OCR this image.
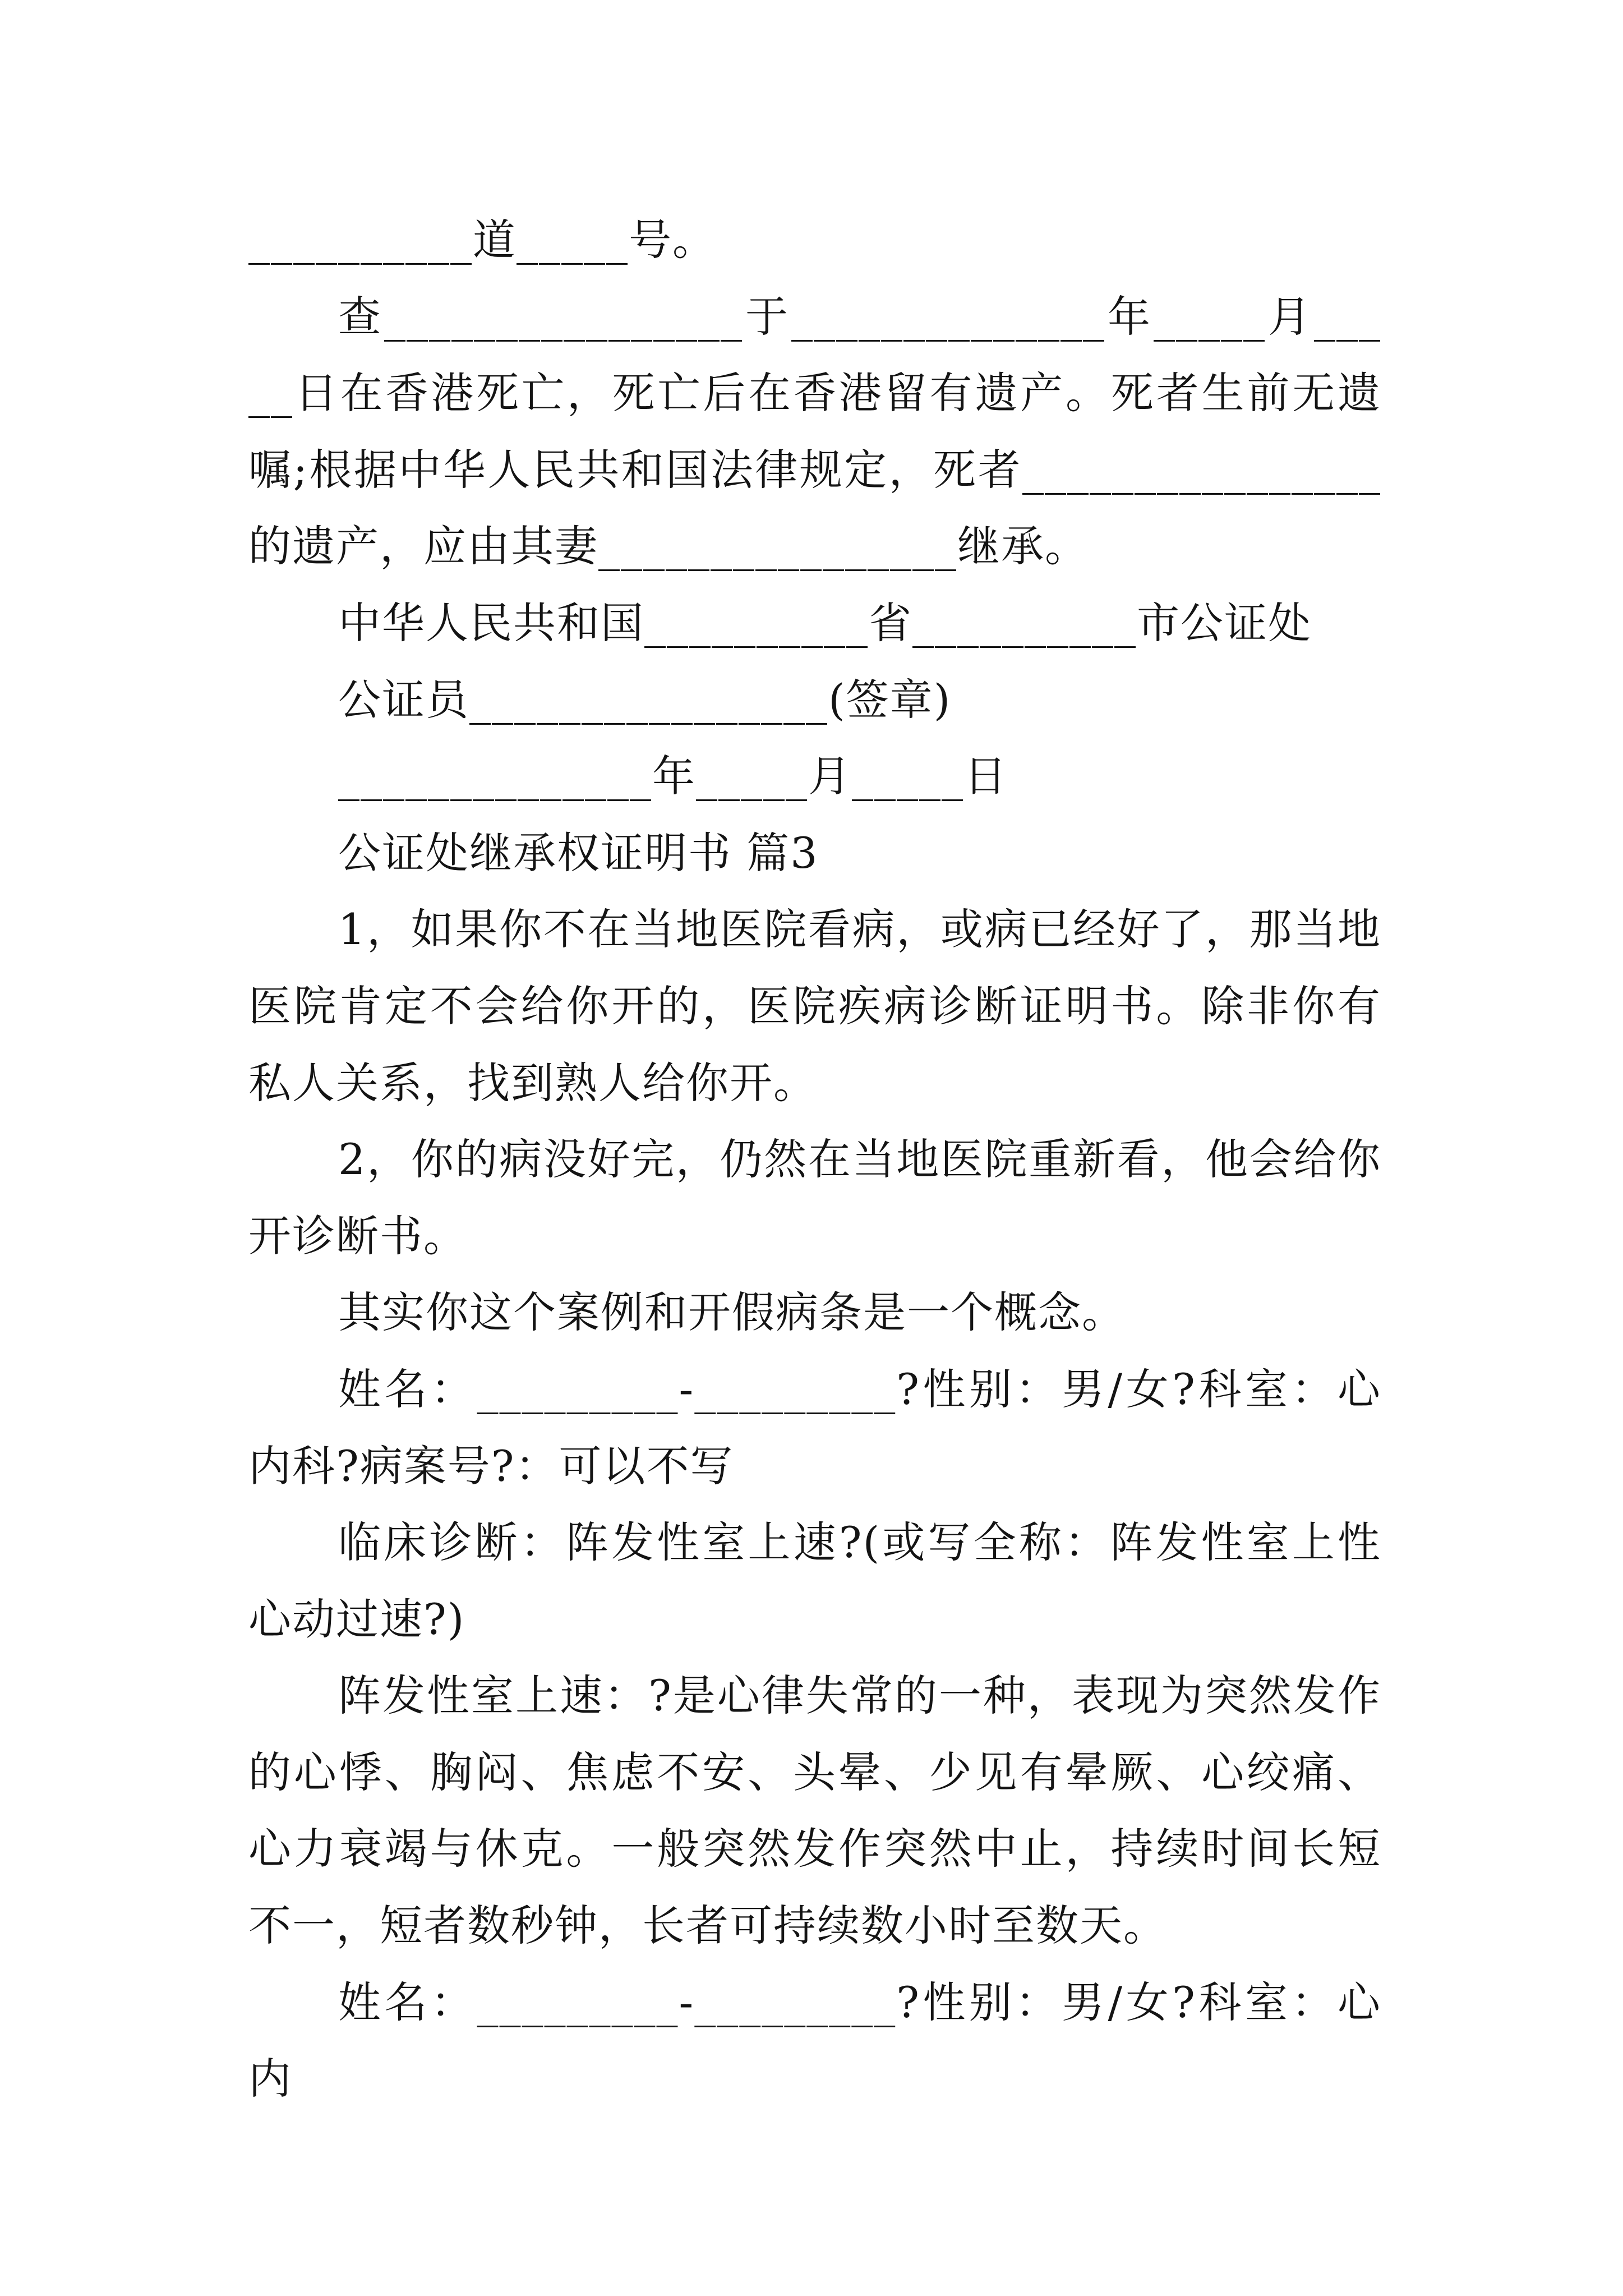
__________道_____号。

查________________于______________年_____月_____日在香港死亡，死亡后在香港留有遗产。死者生前无遗嘱;根据中华人民共和国法律规定，死者________________的遗产，应由其妻________________继承。

中华人民共和国__________省__________市公证处

公证员________________(签章)

______________年_____月_____日

公证处继承权证明书 篇3

1，如果你不在当地医院看病，或病已经好了，那当地医院肯定不会给你开的，医院疾病诊断证明书。除非你有私人关系，找到熟人给你开。

2，你的病没好完，仍然在当地医院重新看，他会给你开诊断书。

其实你这个案例和开假病条是一个概念。

姓名：_________-_________?性别：男/女?科室：心内科?病案号?：可以不写

临床诊断：阵发性室上速?(或写全称：阵发性室上性心动过速?)

阵发性室上速：?是心律失常的一种，表现为突然发作的心悸、胸闷、焦虑不安、头晕、少见有晕厥、心绞痛、心力衰竭与休克。一般突然发作突然中止，持续时间长短不一，短者数秒钟，长者可持续数小时至数天。

姓名：_________-_________?性别：男/女?科室：心内
